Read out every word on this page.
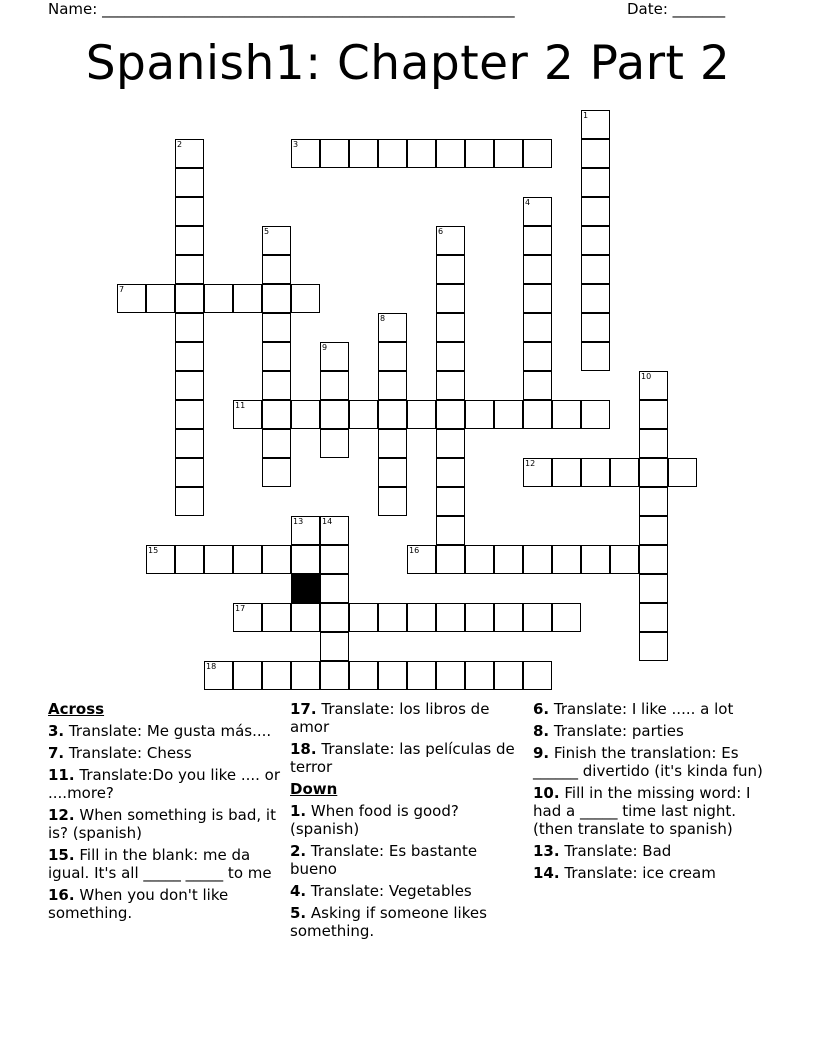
Name: _______________________________________________________	Date: _______
Spanish1: Chapter 2 Part 2
3
7
11
12
15	16
17
18
1
2
4
5	6
8
9
10
13 14
Across
3. Translate: Me gusta más....
7. Translate: Chess
11. Translate:Do you like .... or ....more?
12. When something is bad, it is? (spanish)
15. Fill in the blank: me da igual. It's all _____ _____ to me
16. When you don't like something.
17. Translate: los libros de amor
18. Translate: las películas de terror
Down
1. When food is good? (spanish)
2. Translate: Es bastante bueno
4. Translate: Vegetables
5. Asking if someone likes something.
6. Translate: I like ..... a lot
8. Translate: parties
9. Finish the translation: Es ______ divertido (it's kinda fun)
10. Fill in the missing word: I had a _____ time last night. (then translate to spanish)
13. Translate: Bad
14. Translate: ice cream
